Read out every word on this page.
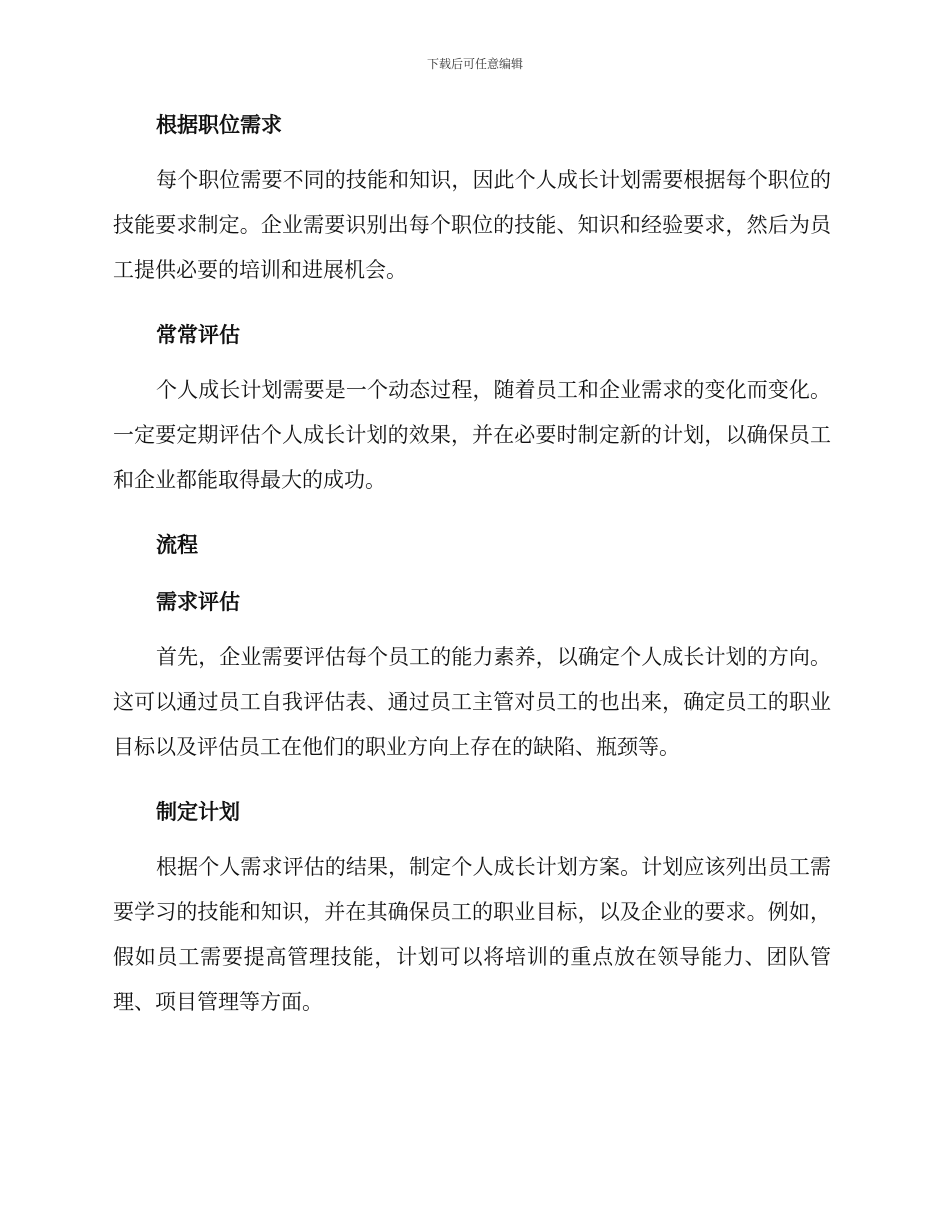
下载后可任意编辑
根据职位需求

每个职位需要不同的技能和知识，因此个人成长计划需要根据每个职位的技能要求制定。企业需要识别出每个职位的技能、知识和经验要求，然后为员工提供必要的培训和进展机会。

常常评估

个人成长计划需要是一个动态过程，随着员工和企业需求的变化而变化。一定要定期评估个人成长计划的效果，并在必要时制定新的计划，以确保员工和企业都能取得最大的成功。

流程
需求评估

首先，企业需要评估每个员工的能力素养，以确定个人成长计划的方向。这可以通过员工自我评估表、通过员工主管对员工的也出来，确定员工的职业目标以及评估员工在他们的职业方向上存在的缺陷、瓶颈等。

制定计划

根据个人需求评估的结果，制定个人成长计划方案。计划应该列出员工需要学习的技能和知识，并在其确保员工的职业目标，以及企业的要求。例如，假如员工需要提高管理技能，计划可以将培训的重点放在领导能力、团队管理、项目管理等方面。
